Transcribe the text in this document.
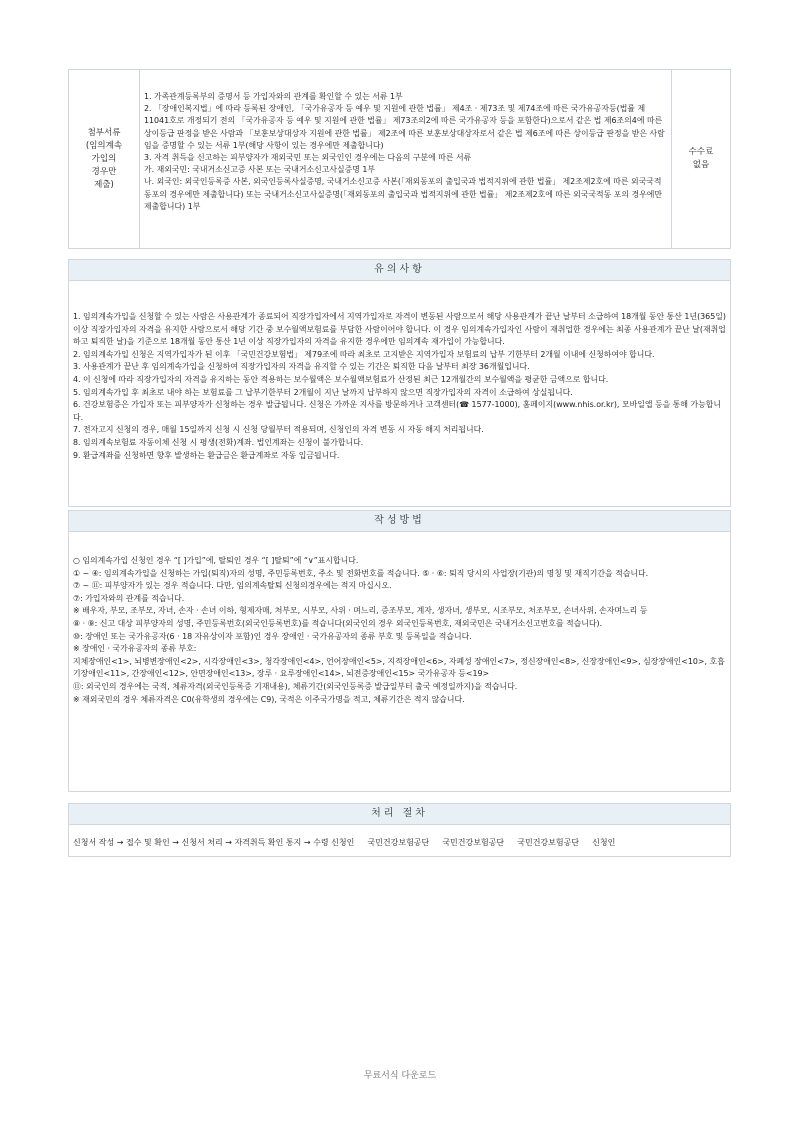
첨부서류
(임의계속
가입의
경우만
제출)

1. 가족관계등록부의 증명서 등 가입자와의 관계를 확인할 수 있는 서류 1부

2. 「장애인복지법」에 따라 등록된 장애인, 「국가유공자 등 예우 및 지원에 관한 법률」 제4조 · 제73조 및 제74조에 따른 국가유공자등(법률 제11041호로 개정되기 전의 「국가유공자 등 예우 및 지원에 관한 법률」 제73조의2에 따른 국가유공자 등을 포함한다)으로서 같은 법 제6조의4에 따른 상이등급 판정을 받은 사람과 「보훈보상대상자 지원에 관한 법률」 제2조에 따른 보훈보상대상자로서 같은 법 제6조에 따른 상이등급 판정을 받은 사람임을 증명할 수 있는 서류 1부(해당 사항이 있는 경우에만 제출합니다)

3. 자격 취득을 신고하는 피부양자가 재외국민 또는 외국인인 경우에는 다음의 구분에 따른 서류

가. 재외국민: 국내거소신고증 사본 또는 국내거소신고사실증명 1부

나. 외국인: 외국인등록증 사본, 외국인등록사실증명, 국내거소신고증 사본(「재외동포의 출입국과 법적지위에 관한 법률」 제2조제2호에 따른 외국국적동포의 경우에만 제출합니다) 또는 국내거소신고사실증명(「재외동포의 출입국과 법적지위에 관한 법률」 제2조제2호에 따른 외국국적동 포의 경우에만 제출합니다) 1부

수수료
없음
유의사항

1. 임의계속가입을 신청할 수 있는 사람은 사용관계가 종료되어 직장가입자에서 지역가입자로 자격이 변동된 사람으로서 해당 사용관계가 끝난 날부터 소급하여 18개월 동안 통산 1년(365일) 이상 직장가입자의 자격을 유지한 사람으로서 해당 기간 중 보수월액보험료를 부담한 사람이어야 합니다. 이 경우 임의계속가입자인 사람이 재취업한 경우에는 최종 사용관계가 끝난 날(재취업하고 퇴직한 날)을 기준으로 18개월 동안 통산 1년 이상 직장가입자의 자격을 유지한 경우에만 임의계속 재가입이 가능합니다.

2. 임의계속가입 신청은 지역가입자가 된 이후 「국민건강보험법」 제79조에 따라 최초로 고지받은 지역가입자 보험료의 납부 기한부터 2개월 이내에 신청하여야 합니다.

3. 사용관계가 끝난 후 임의계속가입을 신청하여 직장가입자의 자격을 유지할 수 있는 기간은 퇴직한 다음 날부터 최장 36개월입니다.

4. 이 신청에 따라 직장가입자의 자격을 유지하는 동안 적용하는 보수월액은 보수월액보험료가 산정된 최근 12개월간의 보수월액을 평균한 금액으로 합니다.

5. 임의계속가입 후 최초로 내야 하는 보험료를 그 납부기한부터 2개월이 지난 날까지 납부하지 않으면 직장가입자의 자격이 소급하여 상실됩니다.

6. 건강보험증은 가입자 또는 피부양자가 신청하는 경우 발급됩니다. 신청은 가까운 지사를 방문하거나 고객센터(☎ 1577-1000), 홈페이지(www.nhis.or.kr), 모바일앱 등을 통해 가능합니다.

7. 전자고지 신청의 경우, 매월 15일까지 신청 시 신청 당월부터 적용되며, 신청인의 자격 변동 시 자동 해지 처리됩니다.

8. 임의계속보험료 자동이체 신청 시 평생(전화)계좌. 법인계좌는 신청이 불가합니다.

9. 환급계좌를 신청하면 향후 발생하는 환급금은 환급계좌로 자동 입금됩니다.

작성방법

○ 임의계속가입 신청인 경우 “[ ]가입”에, 탈퇴인 경우 “[ ]탈퇴”에 “∨”표시합니다.

① ~ ④: 임의계속가입을 신청하는 가입(퇴직)자의 성명, 주민등록번호, 주소 및 전화번호를 적습니다. ⑤ · ⑥: 퇴직 당시의 사업장(기관)의 명칭 및 재직기간을 적습니다.

⑦ ~ ⑪: 피부양자가 있는 경우 적습니다. 다만, 임의계속탈퇴 신청의경우에는 적지 마십시오.

⑦: 가입자와의 관계를 적습니다.

※ 배우자, 부모, 조부모, 자녀, 손자 · 손녀 이하, 형제자매, 처부모, 시부모, 사위 · 며느리, 증조부모, 계자, 생자녀, 생부모, 시조부모, 처조부모, 손녀사위, 손자며느리 등

⑧ · ⑨: 신고 대상 피부양자의 성명, 주민등록번호(외국인등록번호)를 적습니다(외국인의 경우 외국인등록번호, 재외국민은 국내거소신고번호를 적습니다).

⑩: 장애인 또는 국가유공자(6 · 18 자유상이자 포함)인 경우 장애인 · 국가유공자의 종류 부호 및 등록일을 적습니다.

※ 장애인 · 국가유공자의 종류 부호:

지체장애인<1>, 뇌병변장애인<2>, 시각장애인<3>, 청각장애인<4>, 언어장애인<5>, 지적장애인<6>, 자폐성 장애인<7>, 정신장애인<8>, 신장장애인<9>, 심장장애인<10>, 호흡기장애인<11>, 간장애인<12>, 안면장애인<13>, 장루 · 요루장애인<14>, 뇌전증장애인<15> 국가유공자 등<19>

⑪: 외국인의 경우에는 국적, 체류자격(외국인등록증 기재내용), 체류기간(외국인등록증 발급일부터 출국 예정일까지)을 적습니다.

※ 재외국민의 경우 체류자격은 C0(유학생의 경우에는 C9), 국적은 이주국가명을 적고, 체류기간은 적지 않습니다.

처리 절차
신청서 작성 → 접수 및 확인 → 신청서 처리 → 자격취득 확인 통지 → 수령 신청인 　 국민건강보험공단 　 국민건강보험공단 　 국민건강보험공단 　 신청인
무료서식 다운로드
